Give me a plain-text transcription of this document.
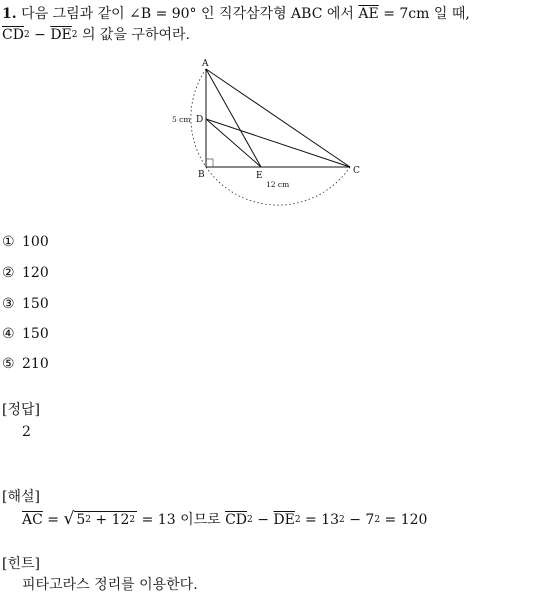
1. 다음 그림과 같이 ∠B = 90° 인 직각삼각형 ABC 에서 $\overline{AE} = 7cm$ 일 때,
$\overline{CD}^2 - \overline{DE}^2$ 의 값을 구하여라.
A
D
B	E	C
5 cm
12 cm
① 100
② 120
③ 150
④ 150
⑤ 210
[정답]
2
[해설]
$\overline{AC}$ = √ $5^2 + 12^2 = 13$ 이므로 $\overline{CD}^2 - \overline{DE}^2 = 13^2 - 7^2 = 120$
[힌트]
피타고라스 정리를 이용한다.
